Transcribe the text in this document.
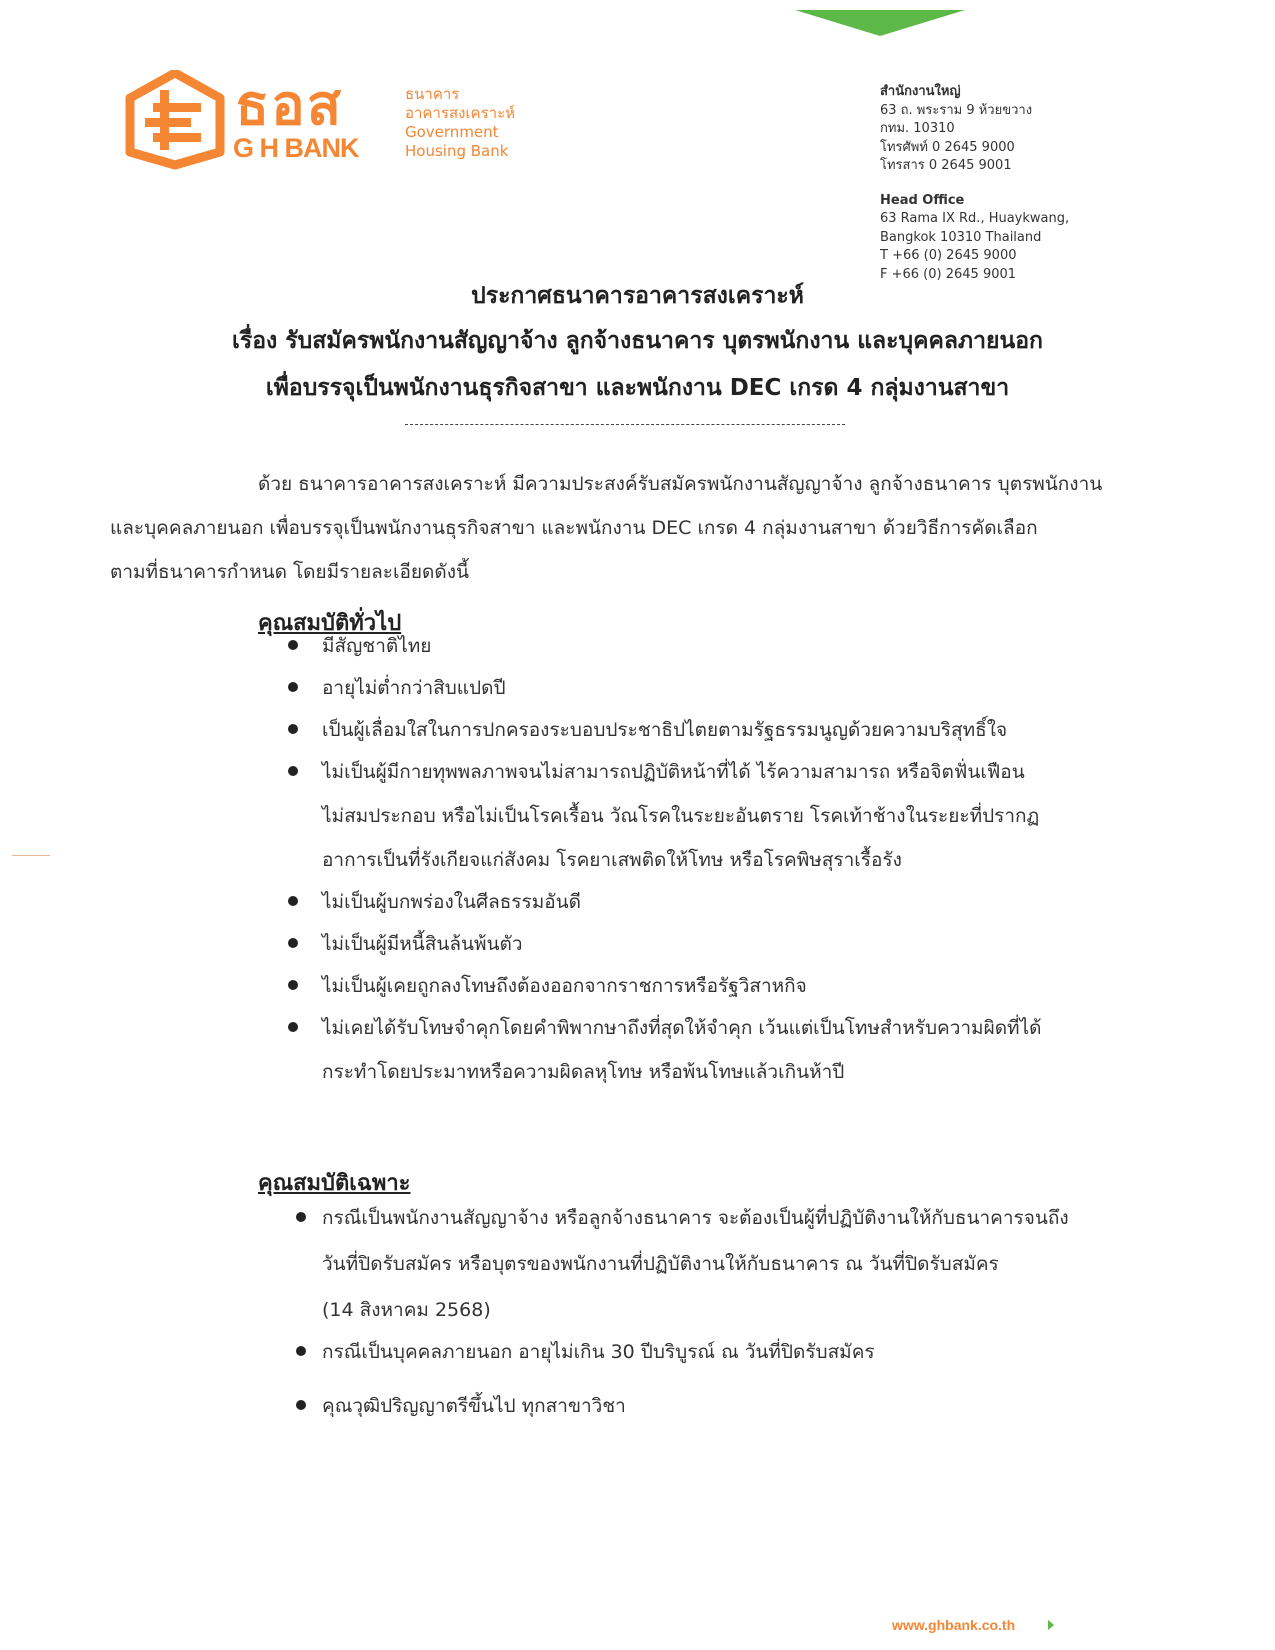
ธอส
G H BANK
ธนาคาร
อาคารสงเคราะห์
Government
Housing Bank
สำนักงานใหญ่
63 ถ. พระราม 9 ห้วยขวาง
กทม. 10310
โทรศัพท์ 0 2645 9000
โทรสาร 0 2645 9001
Head Office
63 Rama IX Rd., Huaykwang,
Bangkok 10310 Thailand
T +66 (0) 2645 9000
F +66 (0) 2645 9001
ประกาศธนาคารอาคารสงเคราะห์
เรื่อง รับสมัครพนักงานสัญญาจ้าง ลูกจ้างธนาคาร บุตรพนักงาน และบุคคลภายนอก
เพื่อบรรจุเป็นพนักงานธุรกิจสาขา และพนักงาน DEC เกรด 4 กลุ่มงานสาขา
ด้วย ธนาคารอาคารสงเคราะห์ มีความประสงค์รับสมัครพนักงานสัญญาจ้าง ลูกจ้างธนาคาร บุตรพนักงาน
และบุคคลภายนอก เพื่อบรรจุเป็นพนักงานธุรกิจสาขา และพนักงาน DEC เกรด 4 กลุ่มงานสาขา ด้วยวิธีการคัดเลือก
ตามที่ธนาคารกำหนด โดยมีรายละเอียดดังนี้
คุณสมบัติทั่วไป
มีสัญชาติไทย
อายุไม่ต่ำกว่าสิบแปดปี
เป็นผู้เลื่อมใสในการปกครองระบอบประชาธิปไตยตามรัฐธรรมนูญด้วยความบริสุทธิ์ใจ
ไม่เป็นผู้มีกายทุพพลภาพจนไม่สามารถปฏิบัติหน้าที่ได้ ไร้ความสามารถ หรือจิตฟั่นเฟือน
ไม่สมประกอบ หรือไม่เป็นโรคเรื้อน วัณโรคในระยะอันตราย โรคเท้าช้างในระยะที่ปรากฏ
อาการเป็นที่รังเกียจแก่สังคม โรคยาเสพติดให้โทษ หรือโรคพิษสุราเรื้อรัง
ไม่เป็นผู้บกพร่องในศีลธรรมอันดี
ไม่เป็นผู้มีหนี้สินล้นพ้นตัว
ไม่เป็นผู้เคยถูกลงโทษถึงต้องออกจากราชการหรือรัฐวิสาหกิจ
ไม่เคยได้รับโทษจำคุกโดยคำพิพากษาถึงที่สุดให้จำคุก เว้นแต่เป็นโทษสำหรับความผิดที่ได้
กระทำโดยประมาทหรือความผิดลหุโทษ หรือพ้นโทษแล้วเกินห้าปี
คุณสมบัติเฉพาะ
กรณีเป็นพนักงานสัญญาจ้าง หรือลูกจ้างธนาคาร จะต้องเป็นผู้ที่ปฏิบัติงานให้กับธนาคารจนถึง
วันที่ปิดรับสมัคร หรือบุตรของพนักงานที่ปฏิบัติงานให้กับธนาคาร ณ วันที่ปิดรับสมัคร
(14 สิงหาคม 2568)
กรณีเป็นบุคคลภายนอก อายุไม่เกิน 30 ปีบริบูรณ์ ณ วันที่ปิดรับสมัคร
คุณวุฒิปริญญาตรีขึ้นไป ทุกสาขาวิชา
www.ghbank.co.th
